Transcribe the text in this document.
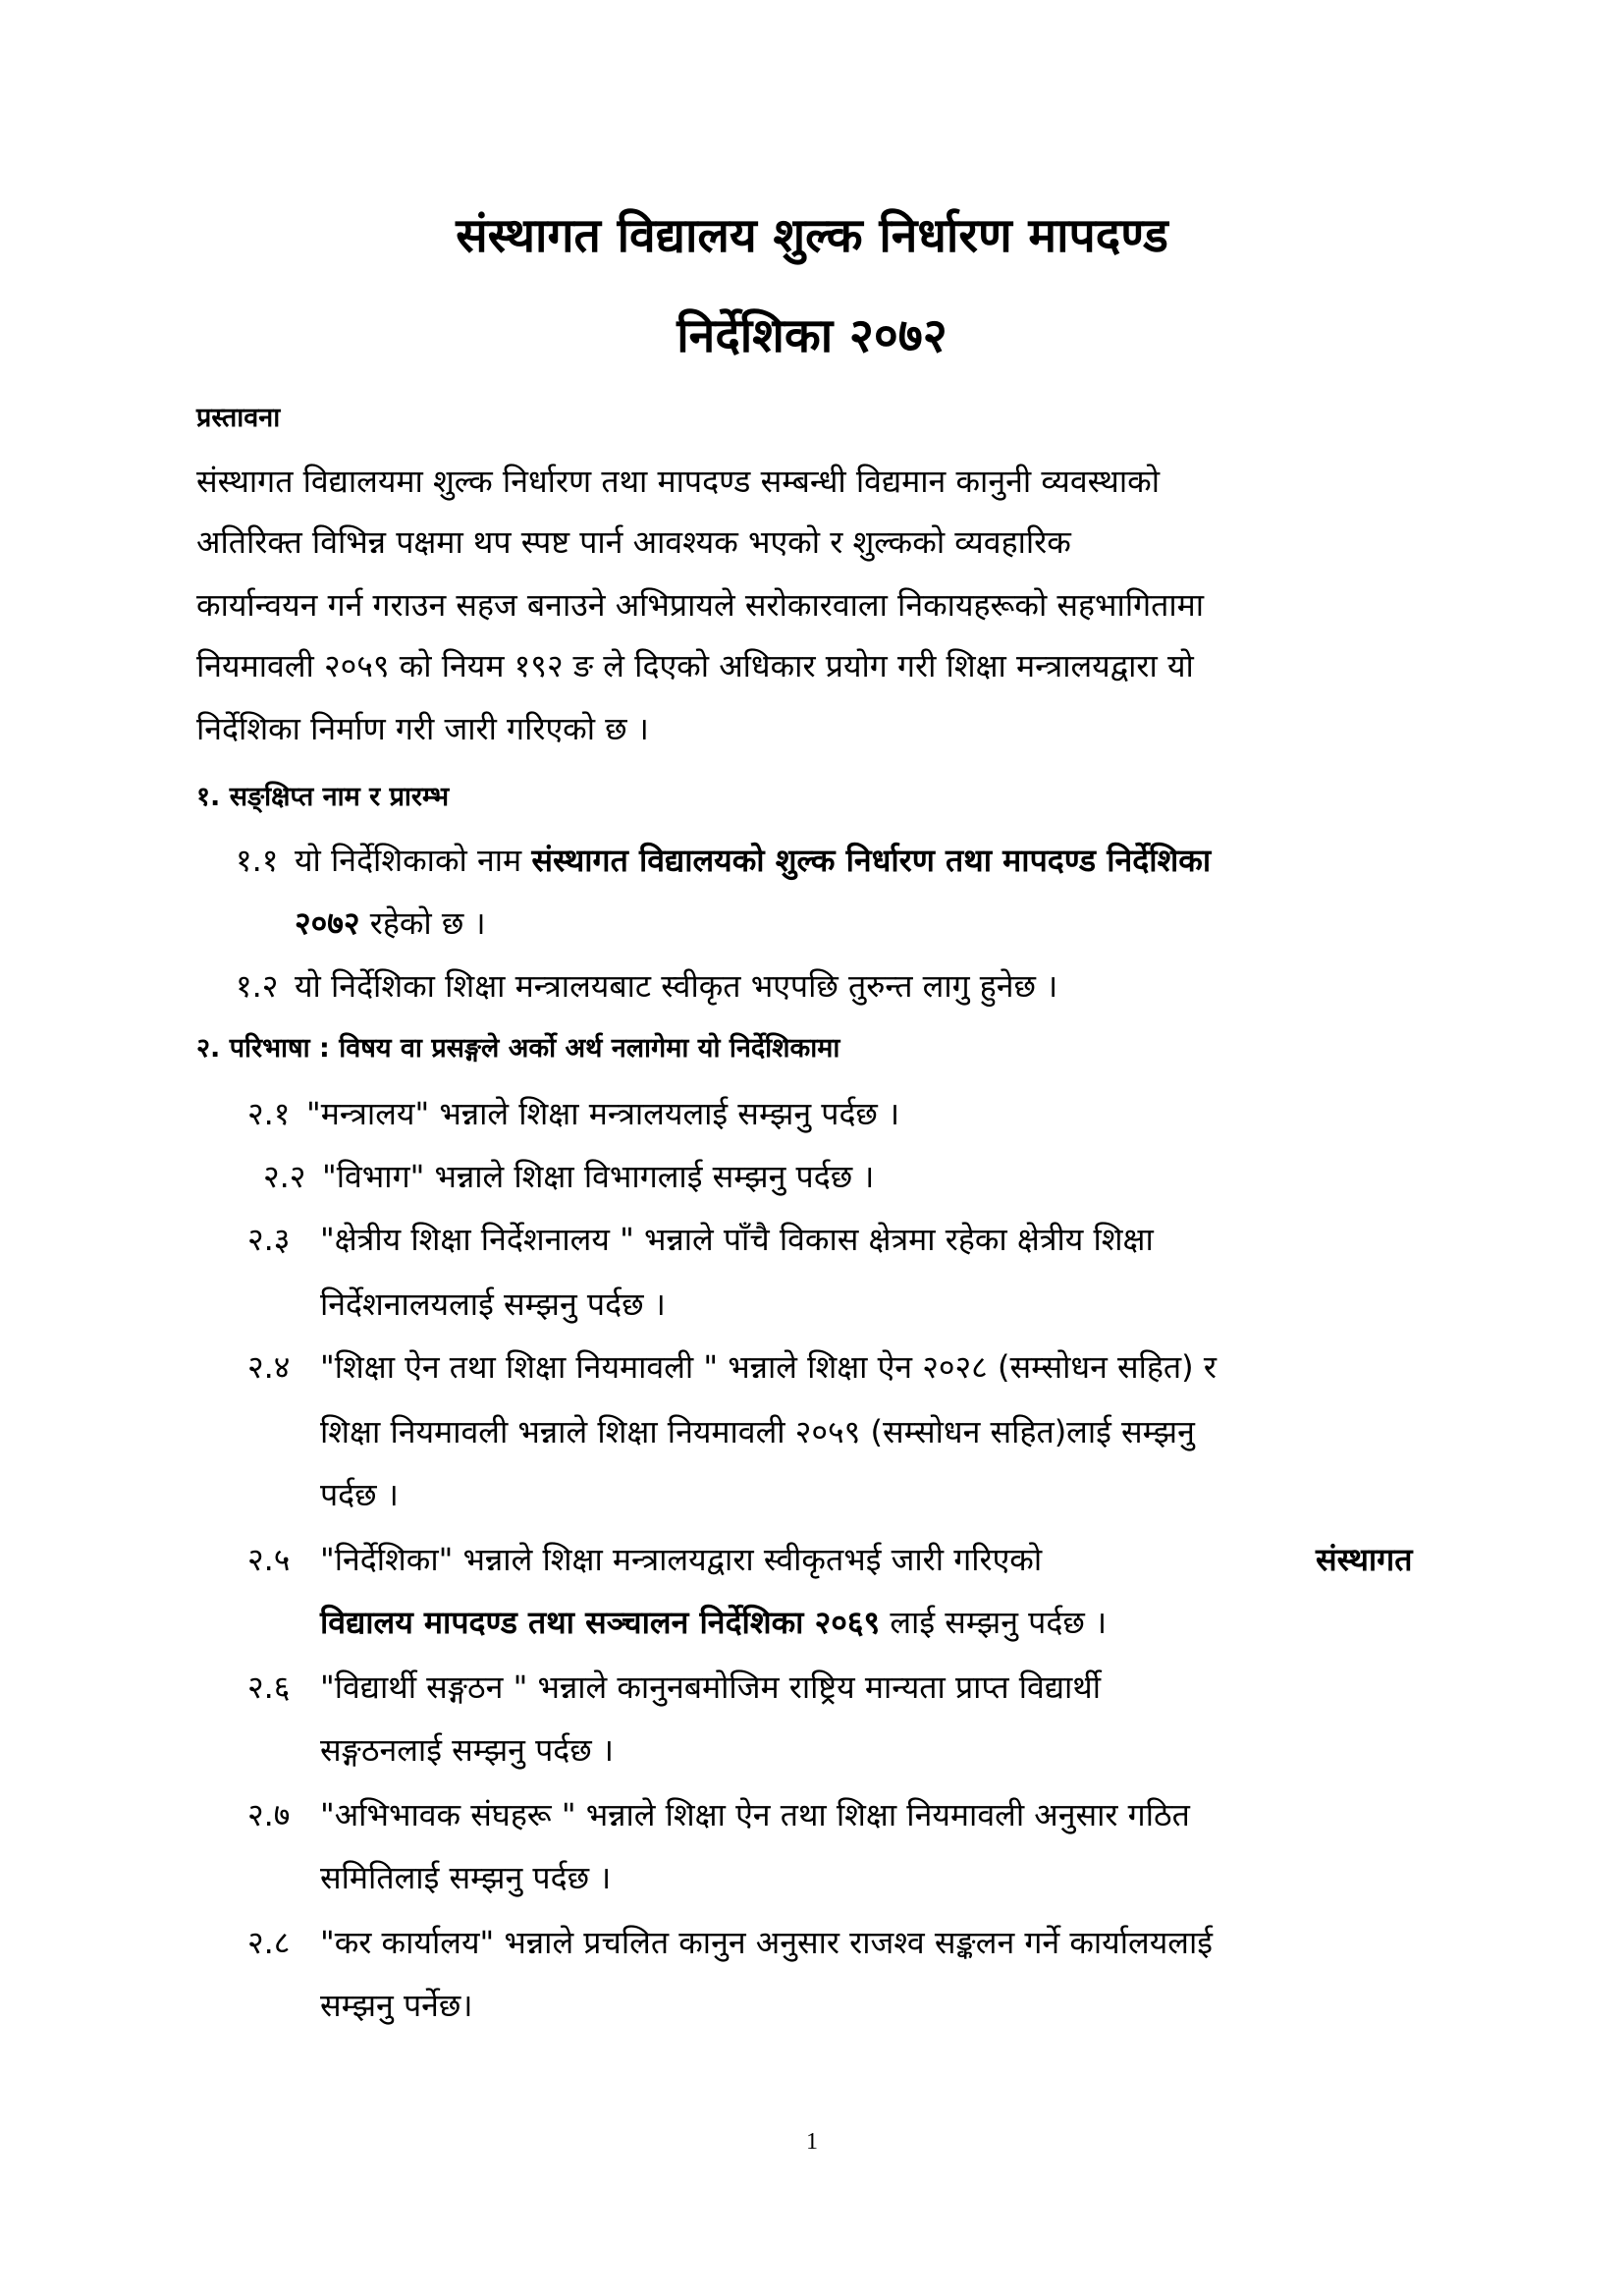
संस्थागत विद्यालय शुल्क निर्धारण मापदण्ड
निर्देशिका २०७२
प्रस्तावना
संस्थागत विद्यालयमा शुल्क निर्धारण तथा मापदण्ड सम्बन्धी विद्यमान कानुनी व्यवस्थाको
अतिरिक्त विभिन्न पक्षमा थप स्पष्ट पार्न आवश्यक भएको र शुल्कको व्यवहारिक
कार्यान्वयन गर्न गराउन सहज बनाउने अभिप्रायले सरोकारवाला निकायहरूको सहभागितामा
नियमावली २०५९ को नियम १९२ ङ ले दिएको अधिकार प्रयोग गरी शिक्षा मन्त्रालयद्वारा यो
निर्देशिका निर्माण गरी जारी गरिएको छ ।
१. सङ्क्षिप्त नाम र प्रारम्भ
१.१ यो निर्देशिकाको नाम संस्थागत विद्यालयको शुल्क निर्धारण तथा मापदण्ड निर्देशिका
२०७२ रहेको छ ।
१.२ यो निर्देशिका शिक्षा मन्त्रालयबाट स्वीकृत भएपछि तुरुन्त लागु हुनेछ ।
२. परिभाषा : विषय वा प्रसङ्गले अर्को अर्थ नलागेमा यो निर्देशिकामा
२.१ "मन्त्रालय" भन्नाले शिक्षा मन्त्रालयलाई सम्झनु पर्दछ ।
२.२ "विभाग" भन्नाले शिक्षा विभागलाई सम्झनु पर्दछ ।
२.३ "क्षेत्रीय शिक्षा निर्देशनालय " भन्नाले पाँचै विकास क्षेत्रमा रहेका क्षेत्रीय शिक्षा
निर्देशनालयलाई सम्झनु पर्दछ ।
२.४ "शिक्षा ऐन तथा शिक्षा नियमावली " भन्नाले शिक्षा ऐन २०२८ (सम्सोधन सहित) र
शिक्षा नियमावली भन्नाले शिक्षा नियमावली २०५९ (सम्सोधन सहित)लाई सम्झनु
पर्दछ ।
२.५ "निर्देशिका" भन्नाले शिक्षा मन्त्रालयद्वारा स्वीकृतभई जारी गरिएको	संस्थागत
विद्यालय मापदण्ड तथा सञ्चालन निर्देशिका २०६९ लाई सम्झनु पर्दछ ।
२.६ "विद्यार्थी सङ्गठन " भन्नाले कानुनबमोजिम राष्ट्रिय मान्यता प्राप्त विद्यार्थी
सङ्गठनलाई सम्झनु पर्दछ ।
२.७ "अभिभावक संघहरू " भन्नाले शिक्षा ऐन तथा शिक्षा नियमावली अनुसार गठित
समितिलाई सम्झनु पर्दछ ।
२.८ "कर कार्यालय" भन्नाले प्रचलित कानुन अनुसार राजश्व सङ्कलन गर्ने कार्यालयलाई
सम्झनु पर्नेछ।
1
